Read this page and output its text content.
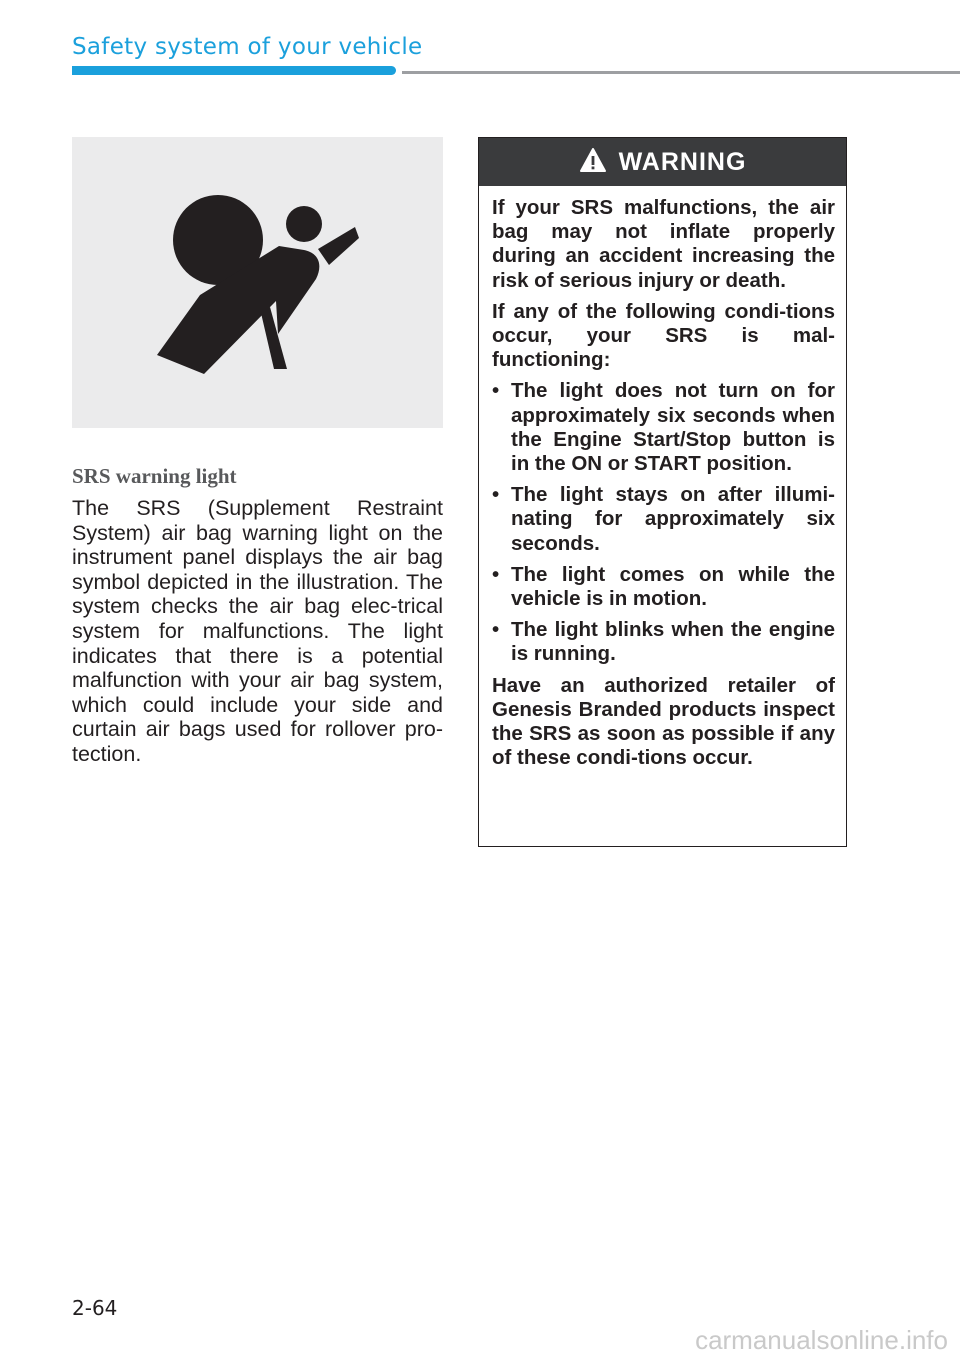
Safety system of your vehicle
SRS warning light

The SRS (Supplement Restraint System) air bag warning light on the instrument panel displays the air bag symbol depicted in the illustration. The system checks the air bag elec-trical system for malfunctions. The light indicates that there is a potential malfunction with your air bag system, which could include your side and curtain air bags used for rollover pro-tection.

WARNING

If your SRS malfunctions, the air bag may not inflate properly during an accident increasing the risk of serious injury or death.

If any of the following condi-tions occur, your SRS is mal-functioning:

• The light does not turn on for approximately six seconds when the Engine Start/Stop button is in the ON or START position.
• The light stays on after illumi-nating for approximately six seconds.
• The light comes on while the vehicle is in motion.
• The light blinks when the engine is running.

Have an authorized retailer of Genesis Branded products inspect the SRS as soon as possible if any of these condi-tions occur.

2-64
carmanualsonline.info
